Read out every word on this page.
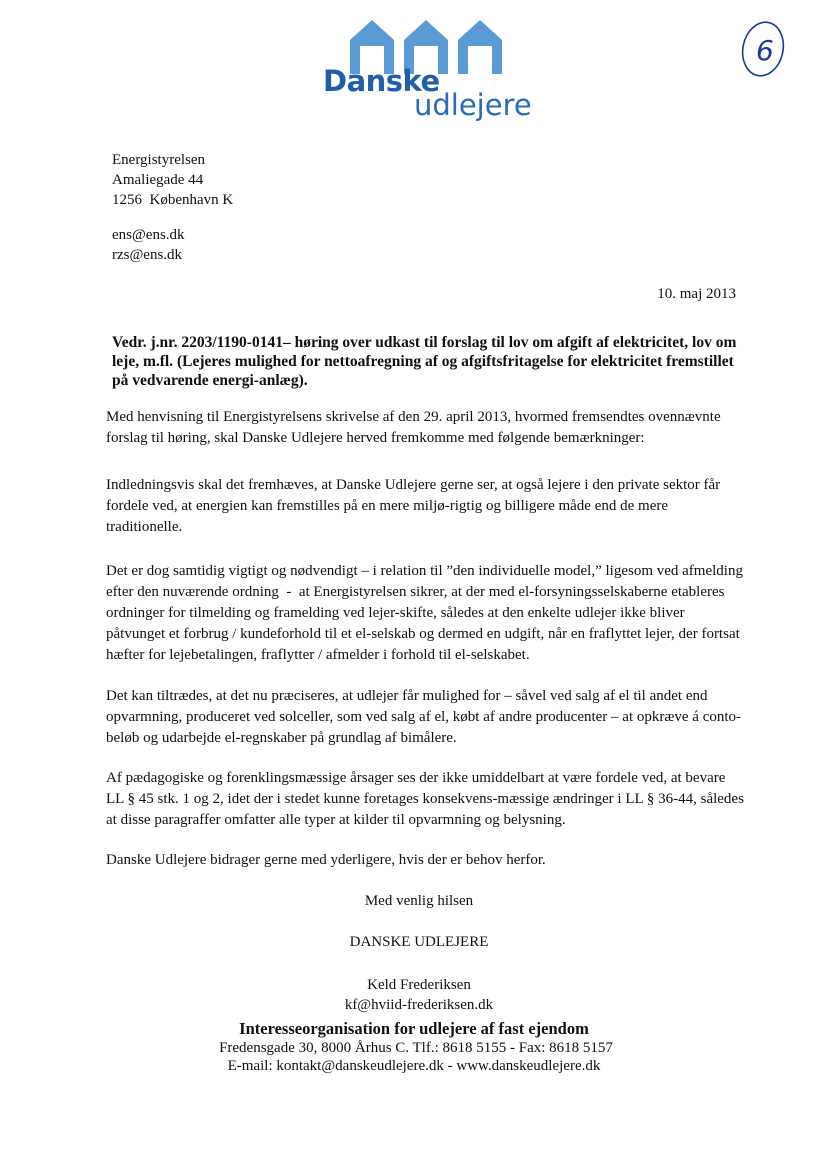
Danske
udlejere
6
Energistyrelsen
Amaliegade 44
1256  København K
ens@ens.dk
rzs@ens.dk
10. maj 2013
Vedr. j.nr. 2203/1190-0141– høring over udkast til forslag til lov om afgift af elektricitet, lov om leje, m.fl. (Lejeres mulighed for nettoafregning af og afgiftsfritagelse for elektricitet fremstillet på vedvarende energi-anlæg).
Med henvisning til Energistyrelsens skrivelse af den 29. april 2013, hvormed fremsendtes ovennævnte forslag til høring, skal Danske Udlejere herved fremkomme med følgende bemærkninger:
Indledningsvis skal det fremhæves, at Danske Udlejere gerne ser, at også lejere i den private sektor får fordele ved, at energien kan fremstilles på en mere miljø-rigtig og billigere måde end de mere traditionelle.
Det er dog samtidig vigtigt og nødvendigt – i relation til ”den individuelle model,” ligesom ved afmelding efter den nuværende ordning  -  at Energistyrelsen sikrer, at der med el-forsyningsselskaberne etableres ordninger for tilmelding og framelding ved lejer-skifte, således at den enkelte udlejer ikke bliver påtvunget et forbrug / kundeforhold til et el-selskab og dermed en udgift, når en fraflyttet lejer, der fortsat hæfter for lejebetalingen, fraflytter / afmelder i forhold til el-selskabet.
Det kan tiltrædes, at det nu præciseres, at udlejer får mulighed for – såvel ved salg af el til andet end opvarmning, produceret ved solceller, som ved salg af el, købt af andre producenter – at opkræve á conto-beløb og udarbejde el-regnskaber på grundlag af bimålere.
Af pædagogiske og forenklingsmæssige årsager ses der ikke umiddelbart at være fordele ved, at bevare LL § 45 stk. 1 og 2, idet der i stedet kunne foretages konsekvens-mæssige ændringer i LL § 36-44, således at disse paragraffer omfatter alle typer at kilder til opvarmning og belysning.
Danske Udlejere bidrager gerne med yderligere, hvis der er behov herfor.
Med venlig hilsen
DANSKE UDLEJERE
Keld Frederiksen
kf@hviid-frederiksen.dk
Interesseorganisation for udlejere af fast ejendom
Fredensgade 30, 8000 Århus C. Tlf.: 8618 5155 - Fax: 8618 5157
E-mail: kontakt@danskeudlejere.dk - www.danskeudlejere.dk
